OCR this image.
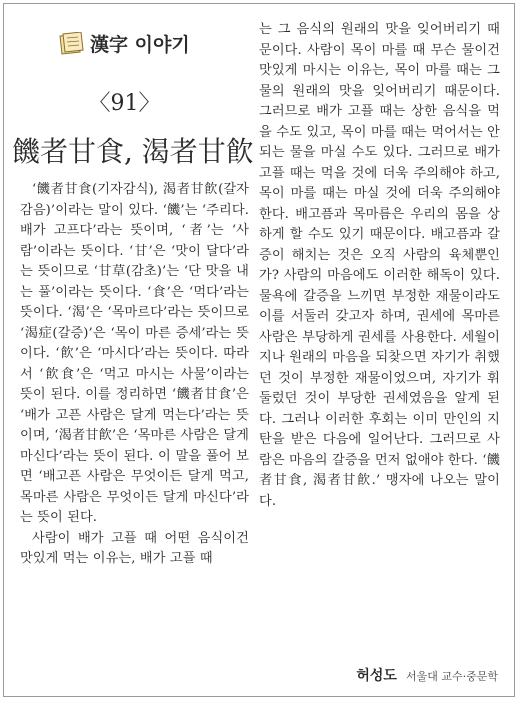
漢字 이야기
〈91〉
饑者甘食, 渴者甘飮

‘饑者甘食(기자감식), 渴者甘飮(갈자감음)’이라는 말이 있다. ‘饑’는 ‘주리다. 배가 고프다’라는 뜻이며, ‘者’는 ‘사람’이라는 뜻이다. ‘甘’은 ‘맛이 달다’라는 뜻이므로 ‘甘草(감초)’는 ‘단 맛을 내는 풀’이라는 뜻이다. ‘食’은 ‘먹다’라는 뜻이다. ‘渴’은 ‘목마르다’라는 뜻이므로 ‘渴症(갈증)’은 ‘목이 마른 증세’라는 뜻이다. ‘飮’은 ‘마시다’라는 뜻이다. 따라서 ‘飮食’은 ‘먹고 마시는 사물’이라는 뜻이 된다. 이를 정리하면 ‘饑者甘食’은 ‘배가 고픈 사람은 달게 먹는다’라는 뜻이며, ‘渴者甘飮’은 ‘목마른 사람은 달게 마신다’라는 뜻이 된다. 이 말을 풀어 보면 ‘배고픈 사람은 무엇이든 달게 먹고, 목마른 사람은 무엇이든 달게 마신다’라는 뜻이 된다.

사람이 배가 고플 때 어떤 음식이건 맛있게 먹는 이유는, 배가 고플 때

는 그 음식의 원래의 맛을 잊어버리기 때문이다. 사람이 목이 마를 때 무슨 물이건 맛있게 마시는 이유는, 목이 마를 때는 그 물의 원래의 맛을 잊어버리기 때문이다. 그러므로 배가 고플 때는 상한 음식을 먹을 수도 있고, 목이 마를 때는 먹어서는 안 되는 물을 마실 수도 있다. 그러므로 배가 고플 때는 먹을 것에 더욱 주의해야 하고, 목이 마를 때는 마실 것에 더욱 주의해야 한다. 배고픔과 목마름은 우리의 몸을 상하게 할 수도 있기 때문이다. 배고픔과 갈증이 해치는 것은 오직 사람의 육체뿐인가? 사람의 마음에도 이러한 해독이 있다. 물욕에 갈증을 느끼면 부정한 재물이라도 이를 서둘러 갖고자 하며, 권세에 목마른 사람은 부당하게 권세를 사용한다. 세월이 지나 원래의 마음을 되찾으면 자기가 취했던 것이 부정한 재물이었으며, 자기가 휘둘렀던 것이 부당한 권세였음을 알게 된다. 그러나 이러한 후회는 이미 만인의 지탄을 받은 다음에 일어난다. 그러므로 사람은 마음의 갈증을 먼저 없애야 한다. ‘饑者甘食, 渴者甘飮.’ 맹자에 나오는 말이다.

허성도 서울대 교수·중문학
